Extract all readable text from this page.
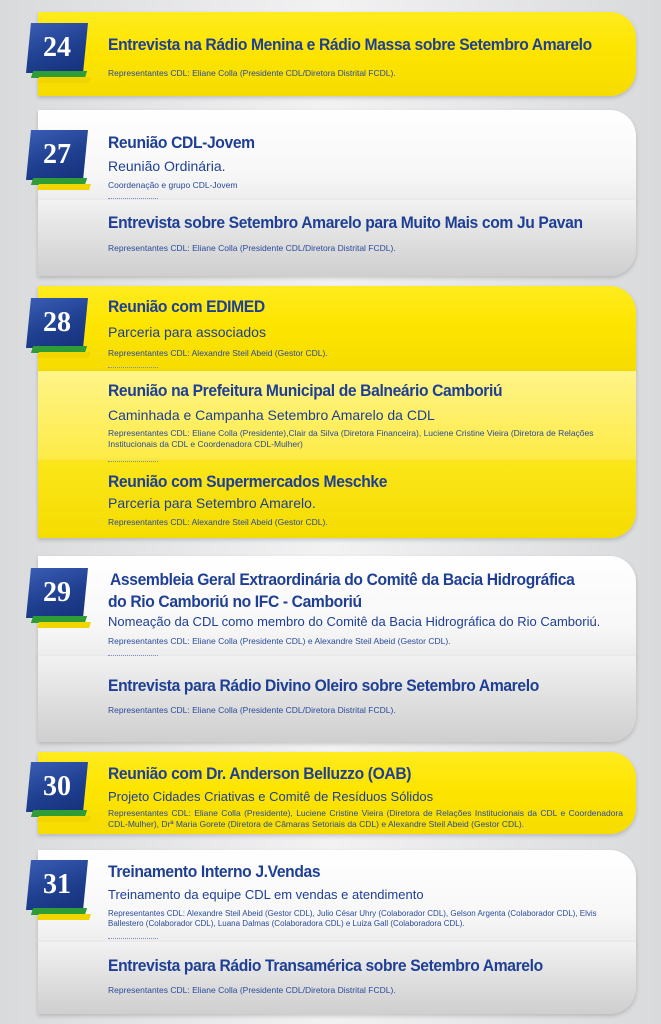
24	Entrevista na Rádio Menina e Rádio Massa sobre Setembro Amarelo
Representantes CDL: Eliane Colla (Presidente CDL/Diretora Distrital FCDL).
27	Reunião CDL-Jovem
Reunião Ordinária.
Coordenação e grupo CDL-Jovem
Entrevista sobre Setembro Amarelo para Muito Mais com Ju Pavan
Representantes CDL: Eliane Colla (Presidente CDL/Diretora Distrital FCDL).
28
Reunião com EDIMED
Parceria para associados
Representantes CDL: Alexandre Steil Abeid (Gestor CDL).
Reunião na Prefeitura Municipal de Balneário Camboriú
Caminhada e Campanha Setembro Amarelo da CDL
Representantes CDL: Eliane Colla (Presidente),Clair da Silva (Diretora Financeira), Luciene Cristine Vieira (Diretora de Relações Institucionais da CDL e Coordenadora CDL-Mulher)
Reunião com Supermercados Meschke
Parceria para Setembro Amarelo.
Representantes CDL: Alexandre Steil Abeid (Gestor CDL).
29	Assembleia Geral Extraordinária do Comitê da Bacia Hidrográfica
do Rio Camboriú no IFC - Camboriú
Nomeação da CDL como membro do Comitê da Bacia Hidrográfica do Rio Camboriú.
Representantes CDL: Eliane Colla (Presidente CDL) e Alexandre Steil Abeid (Gestor CDL).
Entrevista para Rádio Divino Oleiro sobre Setembro Amarelo
Representantes CDL: Eliane Colla (Presidente CDL/Diretora Distrital FCDL).
30	Reunião com Dr. Anderson Belluzzo (OAB)
Projeto Cidades Criativas e Comitê de Resíduos Sólidos
Representantes CDL: Eliane Colla (Presidente), Luciene Cristine Vieira (Diretora de Relações Institucionais da CDL e Coordenadora CDL-Mulher), Drª Maria Gorete (Diretora de Câmaras Setoriais da CDL) e Alexandre Steil Abeid (Gestor CDL).
31	Treinamento Interno J.Vendas
Treinamento da equipe CDL em vendas e atendimento
Representantes CDL: Alexandre Steil Abeid (Gestor CDL), Julio César Uhry (Colaborador CDL), Gelson Argenta (Colaborador CDL), Elvis Ballestero (Colaborador CDL), Luana Dalmas (Colaboradora CDL) e Luiza Gall (Colaboradora CDL).
Entrevista para Rádio Transamérica sobre Setembro Amarelo
Representantes CDL: Eliane Colla (Presidente CDL/Diretora Distrital FCDL).
